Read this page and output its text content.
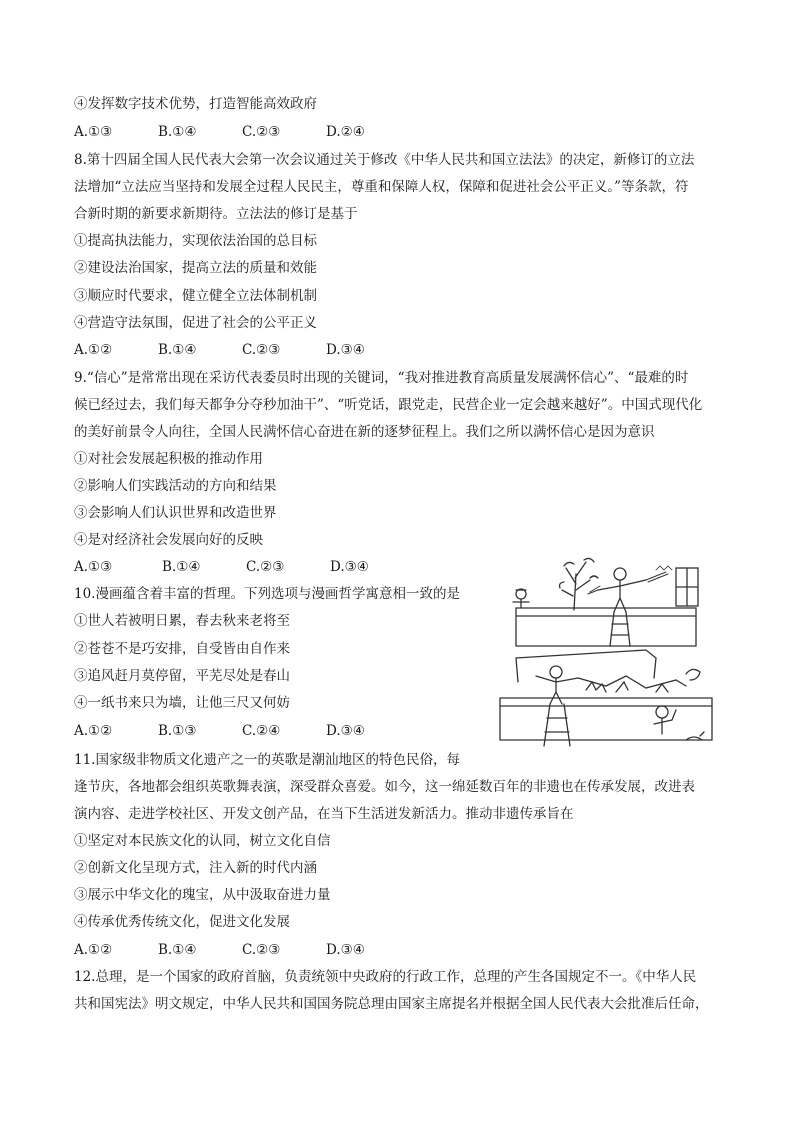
④发挥数字技术优势，打造智能高效政府
A.①③	B.①④	C.②③	D.②④
8.第十四届全国人民代表大会第一次会议通过关于修改《中华人民共和国立法法》的决定，新修订的立法
法增加“立法应当坚持和发展全过程人民民主，尊重和保障人权，保障和促进社会公平正义。”等条款，符
合新时期的新要求新期待。立法法的修订是基于
①提高执法能力，实现依法治国的总目标
②建设法治国家，提高立法的质量和效能
③顺应时代要求，健立健全立法体制机制
④营造守法氛围，促进了社会的公平正义
A.①②	B.①④	C.②③	D.③④
9.“信心”是常常出现在采访代表委员时出现的关键词，“我对推进教育高质量发展满怀信心”、“最难的时
候已经过去，我们每天都争分夺秒加油干”、“听党话，跟党走，民营企业一定会越来越好”。中国式现代化
的美好前景令人向往，全国人民满怀信心奋进在新的逐梦征程上。我们之所以满怀信心是因为意识
①对社会发展起积极的推动作用
②影响人们实践活动的方向和结果
③会影响人们认识世界和改造世界
④是对经济社会发展向好的反映
A.①③	B.①④	C.②③	D.③④
10.漫画蕴含着丰富的哲理。下列选项与漫画哲学寓意相一致的是
①世人若被明日累，春去秋来老将至
②苍苍不是巧安排，自受皆由自作来
③追风赶月莫停留，平芜尽处是春山
④一纸书来只为墙，让他三尺又何妨
A.①②	B.①③	C.②④	D.③④
11.国家级非物质文化遗产之一的英歌是潮汕地区的特色民俗，每
逢节庆，各地都会组织英歌舞表演，深受群众喜爱。如今，这一绵延数百年的非遗也在传承发展，改进表
演内容、走进学校社区、开发文创产品，在当下生活迸发新活力。推动非遗传承旨在
①坚定对本民族文化的认同，树立文化自信
②创新文化呈现方式，注入新的时代内涵
③展示中华文化的瑰宝，从中汲取奋进力量
④传承优秀传统文化，促进文化发展
A.①②	B.①④	C.②③	D.③④
12.总理，是一个国家的政府首脑，负责统领中央政府的行政工作，总理的产生各国规定不一。《中华人民
共和国宪法》明文规定，中华人民共和国国务院总理由国家主席提名并根据全国人民代表大会批准后任命，
